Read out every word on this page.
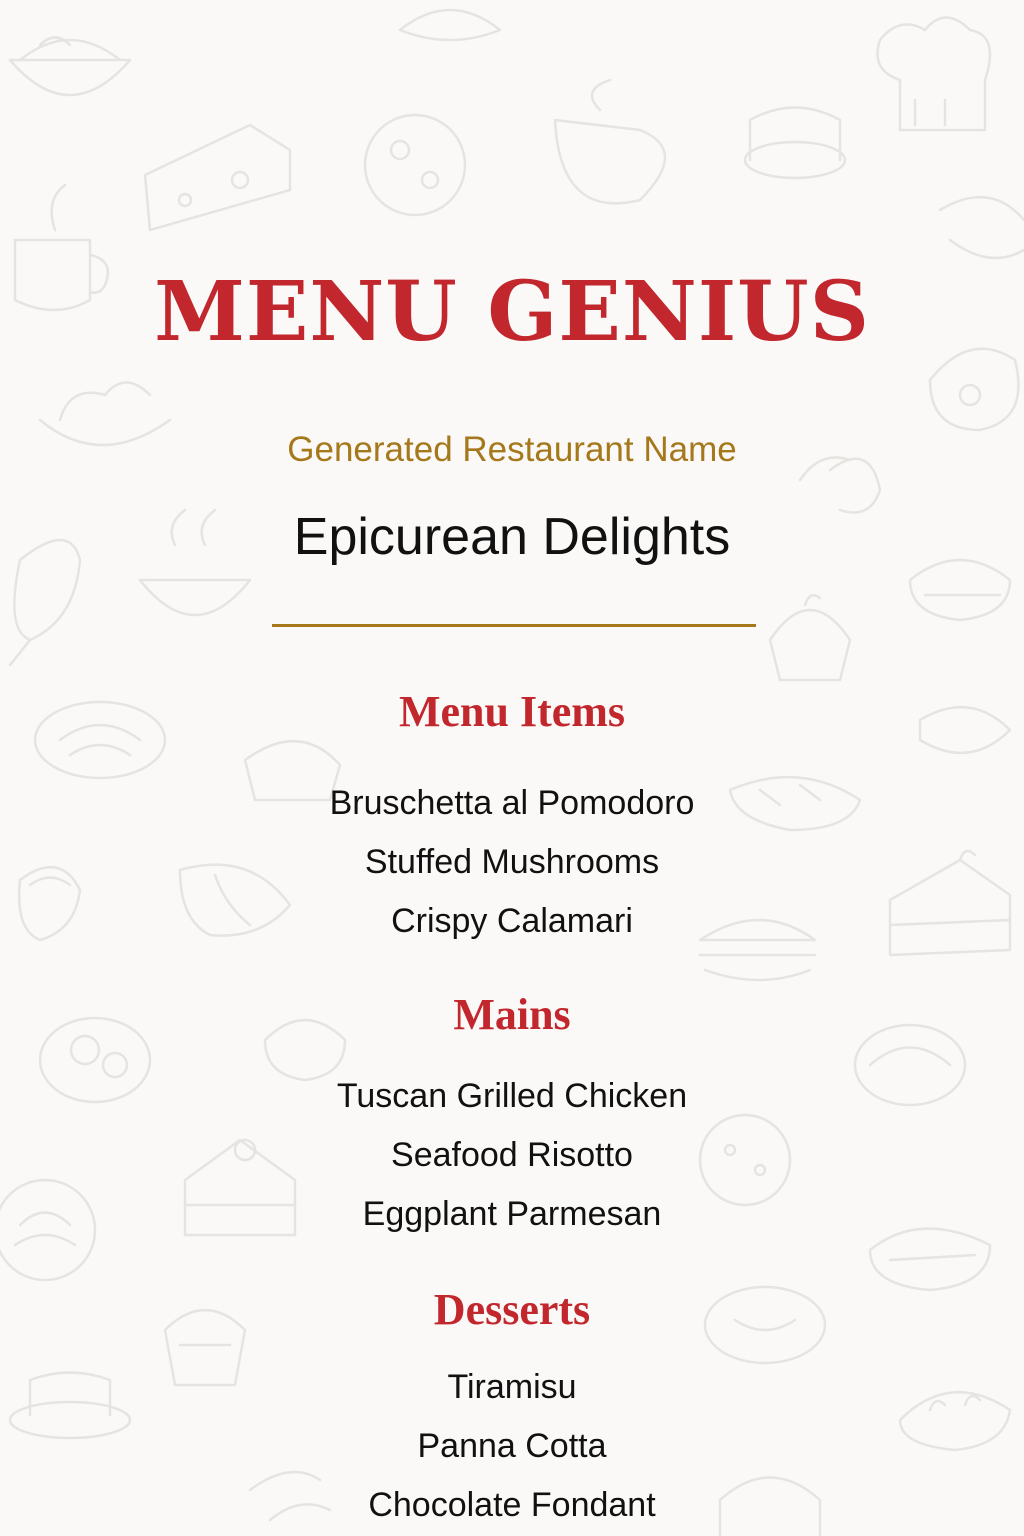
MENU GENIUS
Generated Restaurant Name
Epicurean Delights
Menu Items
Bruschetta al Pomodoro
Stuffed Mushrooms
Crispy Calamari
Mains
Tuscan Grilled Chicken
Seafood Risotto
Eggplant Parmesan
Desserts
Tiramisu
Panna Cotta
Chocolate Fondant
